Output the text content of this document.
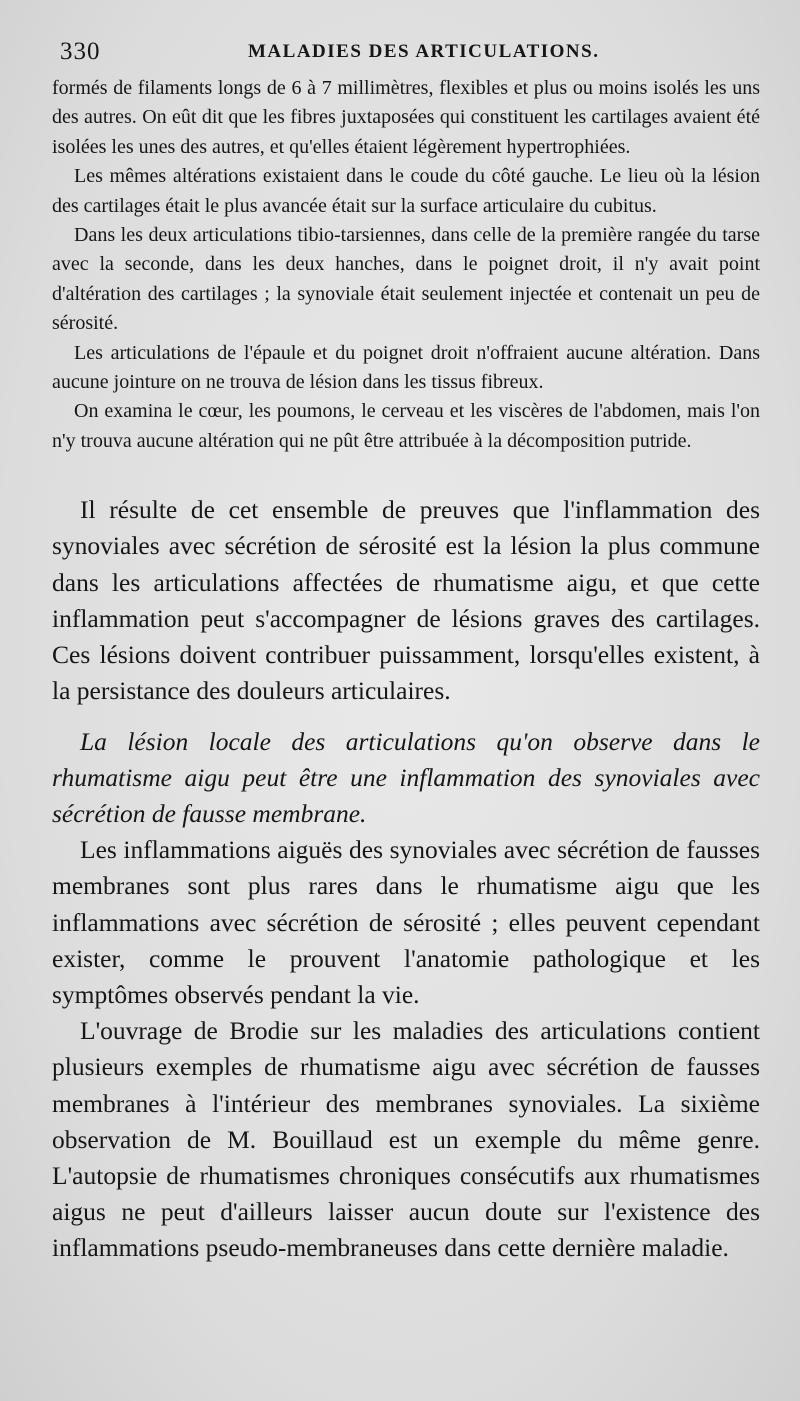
330	MALADIES DES ARTICULATIONS.

formés de filaments longs de 6 à 7 millimètres, flexibles et plus ou moins isolés les uns des autres. On eût dit que les fibres juxtaposées qui constituent les cartilages avaient été isolées les unes des autres, et qu'elles étaient légèrement hypertrophiées.

Les mêmes altérations existaient dans le coude du côté gauche. Le lieu où la lésion des cartilages était le plus avancée était sur la surface articulaire du cubitus.

Dans les deux articulations tibio-tarsiennes, dans celle de la première rangée du tarse avec la seconde, dans les deux hanches, dans le poignet droit, il n'y avait point d'altération des cartilages ; la synoviale était seulement injectée et contenait un peu de sérosité.

Les articulations de l'épaule et du poignet droit n'offraient aucune altération. Dans aucune jointure on ne trouva de lésion dans les tissus fibreux.

On examina le cœur, les poumons, le cerveau et les viscères de l'abdomen, mais l'on n'y trouva aucune altération qui ne pût être attribuée à la décomposition putride.

Il résulte de cet ensemble de preuves que l'inflammation des synoviales avec sécrétion de sérosité est la lésion la plus commune dans les articulations affectées de rhumatisme aigu, et que cette inflammation peut s'accompagner de lésions graves des cartilages. Ces lésions doivent contribuer puissamment, lorsqu'elles existent, à la persistance des douleurs articulaires.

La lésion locale des articulations qu'on observe dans le rhumatisme aigu peut être une inflammation des synoviales avec sécrétion de fausse membrane.

Les inflammations aiguës des synoviales avec sécrétion de fausses membranes sont plus rares dans le rhumatisme aigu que les inflammations avec sécrétion de sérosité ; elles peuvent cependant exister, comme le prouvent l'anatomie pathologique et les symptômes observés pendant la vie.

L'ouvrage de Brodie sur les maladies des articulations contient plusieurs exemples de rhumatisme aigu avec sécrétion de fausses membranes à l'intérieur des membranes synoviales. La sixième observation de M. Bouillaud est un exemple du même genre. L'autopsie de rhumatismes chroniques consécutifs aux rhumatismes aigus ne peut d'ailleurs laisser aucun doute sur l'existence des inflammations pseudo-membraneuses dans cette dernière maladie.
